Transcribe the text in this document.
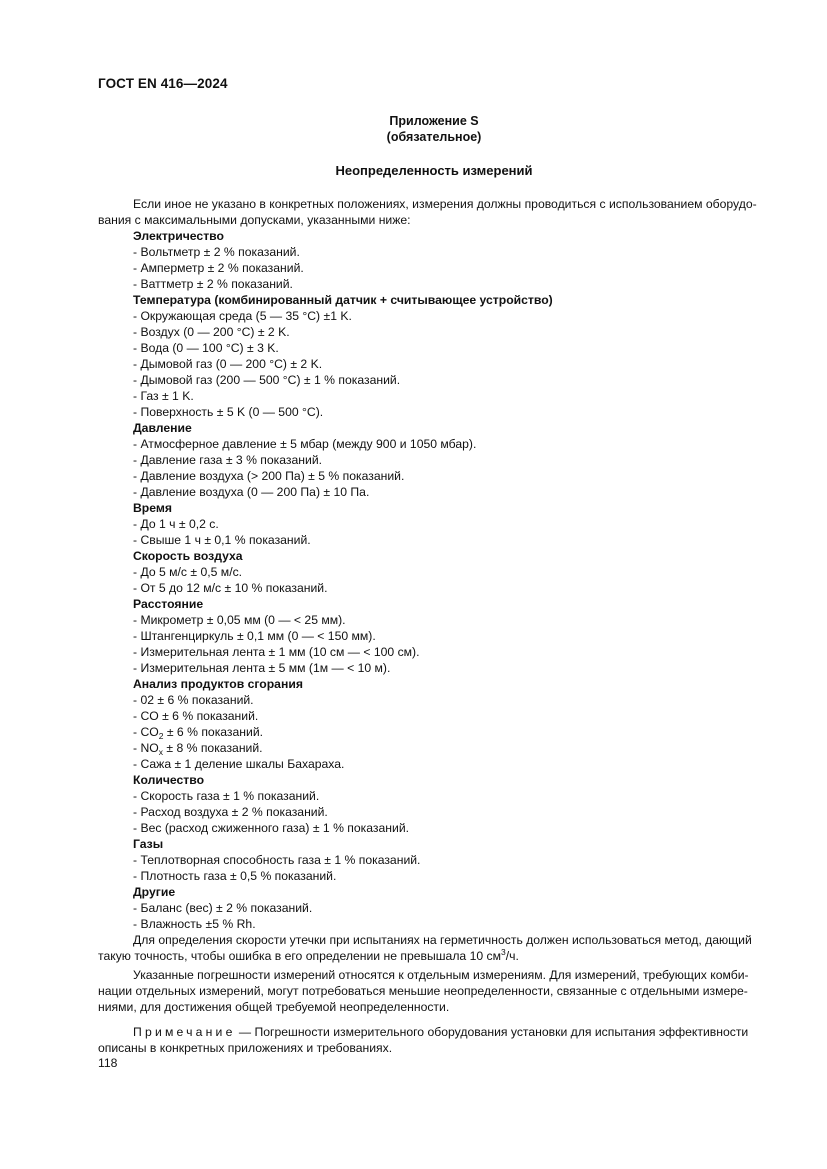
ГОСТ EN 416—2024
Приложение S
(обязательное)
Неопределенность измерений
Если иное не указано в конкретных положениях, измерения должны проводиться с использованием оборудо-
вания с максимальными допусками, указанными ниже:
Электричество
- Вольтметр ± 2 % показаний.
- Амперметр ± 2 % показаний.
- Ваттметр ± 2 % показаний.
Температура (комбинированный датчик + считывающее устройство)
- Окружающая среда (5 — 35 °C) ±1 K.
- Воздух (0 — 200 °C) ± 2 K.
- Вода (0 — 100 °C) ± 3 K.
- Дымовой газ (0 — 200 °C) ± 2 K.
- Дымовой газ (200 — 500 °C) ± 1 % показаний.
- Газ ± 1 K.
- Поверхность ± 5 K (0 — 500 °C).
Давление
- Атмосферное давление ± 5 мбар (между 900 и 1050 мбар).
- Давление газа ± 3 % показаний.
- Давление воздуха (> 200 Па) ± 5 % показаний.
- Давление воздуха (0 — 200 Па) ± 10 Па.
Время
- До 1 ч ± 0,2 с.
- Свыше 1 ч ± 0,1 % показаний.
Скорость воздуха
- До 5 м/с ± 0,5 м/с.
- От 5 до 12 м/с ± 10 % показаний.
Расстояние
- Микрометр ± 0,05 мм (0 — < 25 мм).
- Штангенциркуль ± 0,1 мм (0 — < 150 мм).
- Измерительная лента ± 1 мм (10 см — < 100 см).
- Измерительная лента ± 5 мм (1м — < 10 м).
Анализ продуктов сгорания
- 02 ± 6 % показаний.
- CO ± 6 % показаний.
- $CO_2 \pm 6$ % показаний.
- $NO_x \pm 8$ % показаний.
- Сажа ± 1 деление шкалы Бахараха.
Количество
- Скорость газа ± 1 % показаний.
- Расход воздуха ± 2 % показаний.
- Вес (расход сжиженного газа) ± 1 % показаний.
Газы
- Теплотворная способность газа ± 1 % показаний.
- Плотность газа ± 0,5 % показаний.
Другие
- Баланс (вес) ± 2 % показаний.
- Влажность ±5 % Rh.
Для определения скорости утечки при испытаниях на герметичность должен использоваться метод, дающий
такую точность, чтобы ошибка в его определении не превышала 10 $см^3/ч$.
Указанные погрешности измерений относятся к отдельным измерениям. Для измерений, требующих комби-
нации отдельных измерений, могут потребоваться меньшие неопределенности, связанные с отдельными измере-
ниями, для достижения общей требуемой неопределенности.
Примечание — Погрешности измерительного оборудования установки для испытания эффективности
описаны в конкретных приложениях и требованиях.
118
